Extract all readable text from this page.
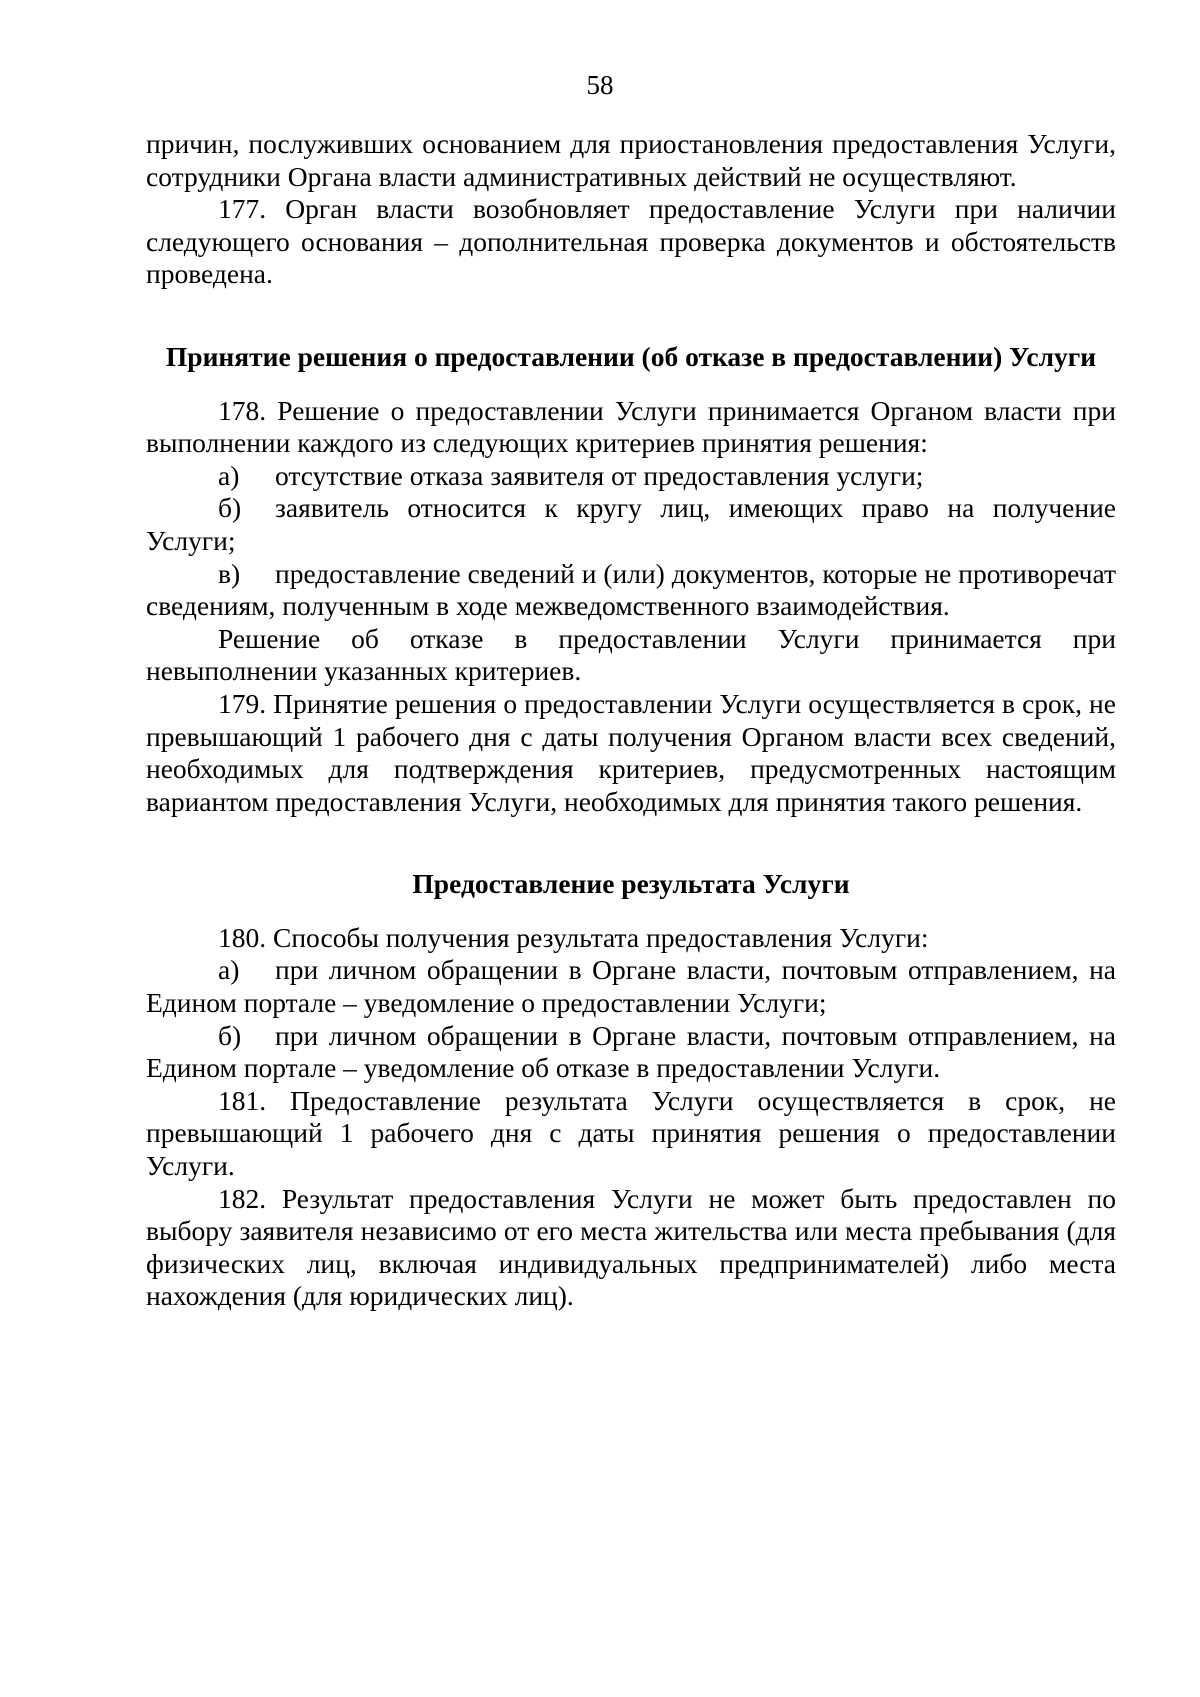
58

причин, послуживших основанием для приостановления предоставления Услуги, сотрудники Органа власти административных действий не осуществляют.

177. Орган власти возобновляет предоставление Услуги при наличии следующего основания – дополнительная проверка документов и обстоятельств проведена.

Принятие решения о предоставлении (об отказе в предоставлении) Услуги

178. Решение о предоставлении Услуги принимается Органом власти при выполнении каждого из следующих критериев принятия решения:

а) отсутствие отказа заявителя от предоставления услуги;

б) заявитель относится к кругу лиц, имеющих право на получение Услуги;

в) предоставление сведений и (или) документов, которые не противоречат сведениям, полученным в ходе межведомственного взаимодействия.

Решение об отказе в предоставлении Услуги принимается при невыполнении указанных критериев.

179. Принятие решения о предоставлении Услуги осуществляется в срок, не превышающий 1 рабочего дня с даты получения Органом власти всех сведений, необходимых для подтверждения критериев, предусмотренных настоящим вариантом предоставления Услуги, необходимых для принятия такого решения.

Предоставление результата Услуги

180. Способы получения результата предоставления Услуги:

а) при личном обращении в Органе власти, почтовым отправлением, на Едином портале – уведомление о предоставлении Услуги;

б) при личном обращении в Органе власти, почтовым отправлением, на Едином портале – уведомление об отказе в предоставлении Услуги.

181. Предоставление результата Услуги осуществляется в срок, не превышающий 1 рабочего дня с даты принятия решения о предоставлении Услуги.

182. Результат предоставления Услуги не может быть предоставлен по выбору заявителя независимо от его места жительства или места пребывания (для физических лиц, включая индивидуальных предпринимателей) либо места нахождения (для юридических лиц).
